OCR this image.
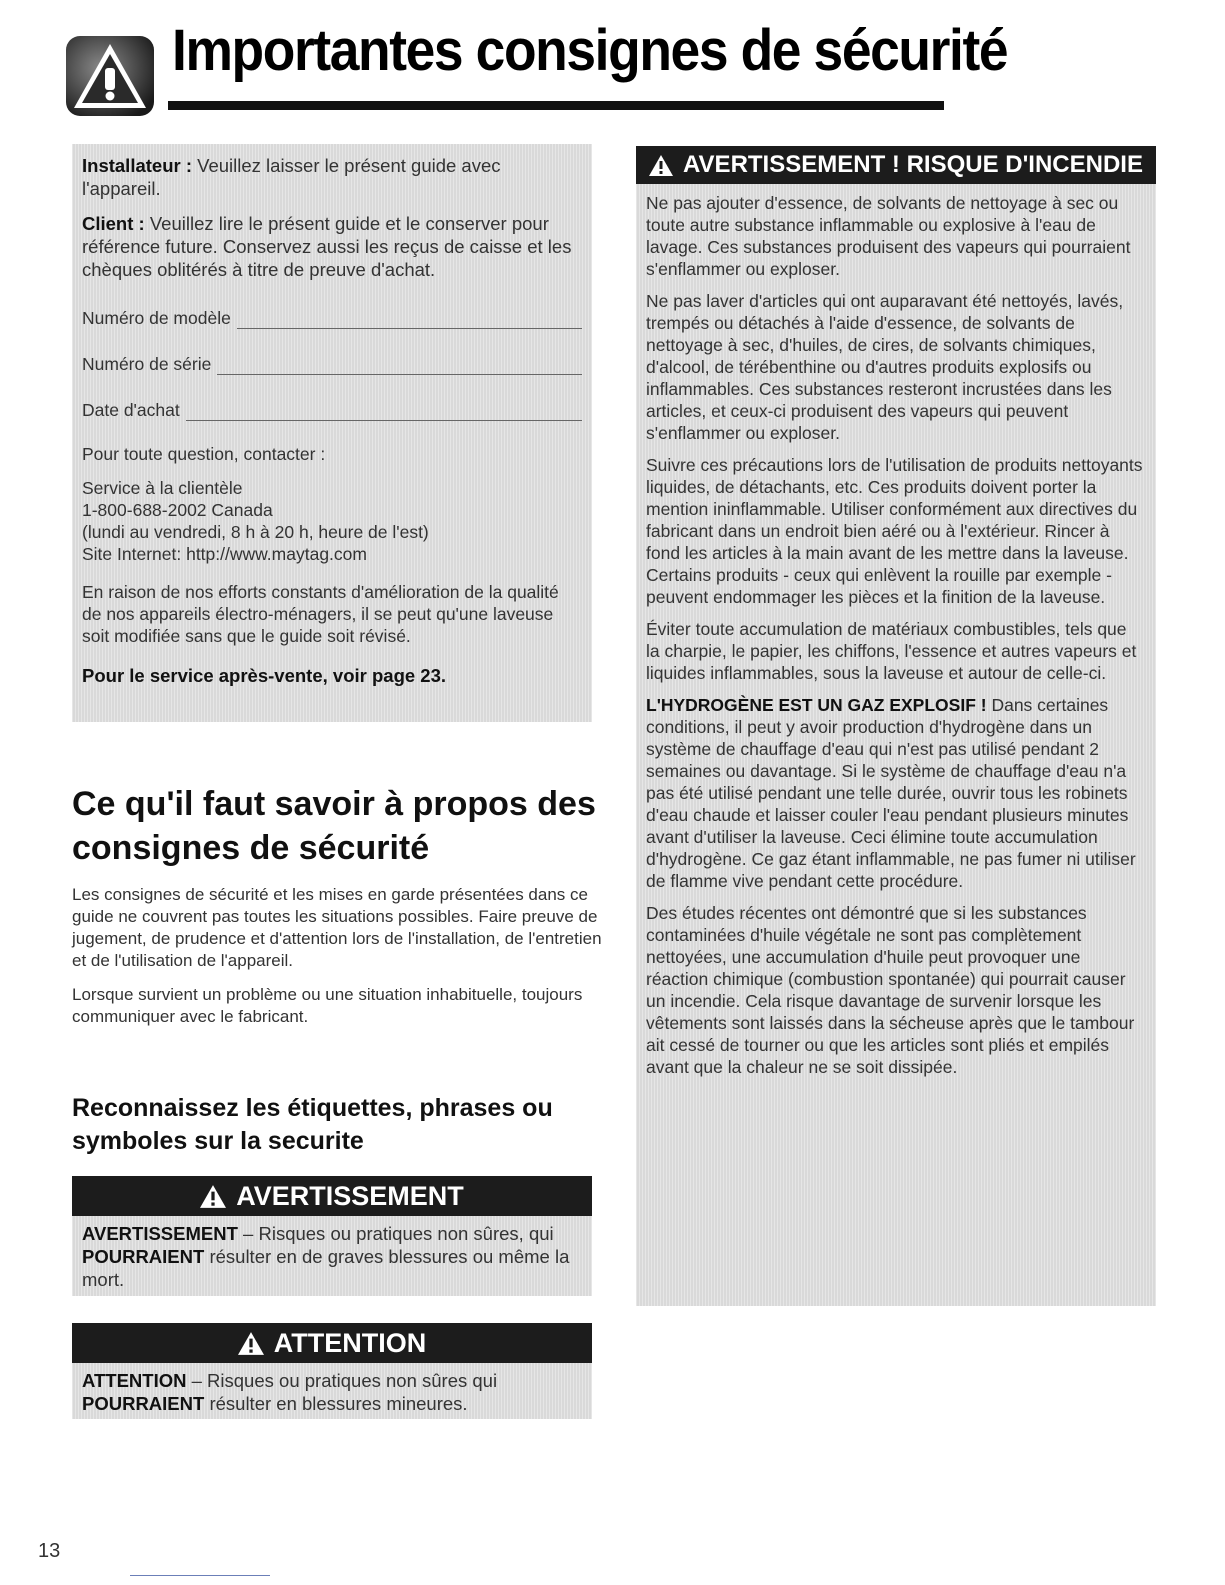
Importantes consignes de sécurité

Installateur : Veuillez laisser le présent guide avec l'appareil.

Client : Veuillez lire le présent guide et le conserver pour référence future. Conservez aussi les reçus de caisse et les chèques oblitérés à titre de preuve d'achat.

Numéro de modèle
Numéro de série
Date d'achat

Pour toute question, contacter :

Service à la clientèle

1-800-688-2002 Canada

(lundi au vendredi, 8 h à 20 h, heure de l'est)

Site Internet: http://www.maytag.com

En raison de nos efforts constants d'amélioration de la qualité de nos appareils électro-ménagers, il se peut qu'une laveuse soit modifiée sans que le guide soit révisé.

Pour le service après-vente, voir page 23.

AVERTISSEMENT ! RISQUE D'INCENDIE

Ne pas ajouter d'essence, de solvants de nettoyage à sec ou toute autre substance inflammable ou explosive à l'eau de lavage. Ces substances produisent des vapeurs qui pourraient s'enflammer ou exploser.

Ne pas laver d'articles qui ont auparavant été nettoyés, lavés, trempés ou détachés à l'aide d'essence, de solvants de nettoyage à sec, d'huiles, de cires, de solvants chimiques, d'alcool, de térébenthine ou d'autres produits explosifs ou inflammables. Ces substances resteront incrustées dans les articles, et ceux-ci produisent des vapeurs qui peuvent s'enflammer ou exploser.

Suivre ces précautions lors de l'utilisation de produits nettoyants liquides, de détachants, etc. Ces produits doivent porter la mention ininflammable. Utiliser conformément aux directives du fabricant dans un endroit bien aéré ou à l'extérieur. Rincer à fond les articles à la main avant de les mettre dans la laveuse. Certains produits - ceux qui enlèvent la rouille par exemple - peuvent endommager les pièces et la finition de la laveuse.

Éviter toute accumulation de matériaux combustibles, tels que la charpie, le papier, les chiffons, l'essence et autres vapeurs et liquides inflammables, sous la laveuse et autour de celle-ci.

L'HYDROGÈNE EST UN GAZ EXPLOSIF ! Dans certaines conditions, il peut y avoir production d'hydrogène dans un système de chauffage d'eau qui n'est pas utilisé pendant 2 semaines ou davantage. Si le système de chauffage d'eau n'a pas été utilisé pendant une telle durée, ouvrir tous les robinets d'eau chaude et laisser couler l'eau pendant plusieurs minutes avant d'utiliser la laveuse. Ceci élimine toute accumulation d'hydrogène. Ce gaz étant inflammable, ne pas fumer ni utiliser de flamme vive pendant cette procédure.

Des études récentes ont démontré que si les substances contaminées d'huile végétale ne sont pas complètement nettoyées, une accumulation d'huile peut provoquer une réaction chimique (combustion spontanée) qui pourrait causer un incendie. Cela risque davantage de survenir lorsque les vêtements sont laissés dans la sécheuse après que le tambour ait cessé de tourner ou que les articles sont pliés et empilés avant que la chaleur ne se soit dissipée.

Ce qu'il faut savoir à propos des consignes de sécurité

Les consignes de sécurité et les mises en garde présentées dans ce guide ne couvrent pas toutes les situations possibles. Faire preuve de jugement, de prudence et d'attention lors de l'installation, de l'entretien et de l'utilisation de l'appareil.

Lorsque survient un problème ou une situation inhabituelle, toujours communiquer avec le fabricant.

Reconnaissez les étiquettes, phrases ou symboles sur la securite
AVERTISSEMENT
AVERTISSEMENT – Risques ou pratiques non sûres, qui POURRAIENT résulter en de graves blessures ou même la mort.
ATTENTION
ATTENTION – Risques ou pratiques non sûres qui POURRAIENT résulter en blessures mineures.
13
